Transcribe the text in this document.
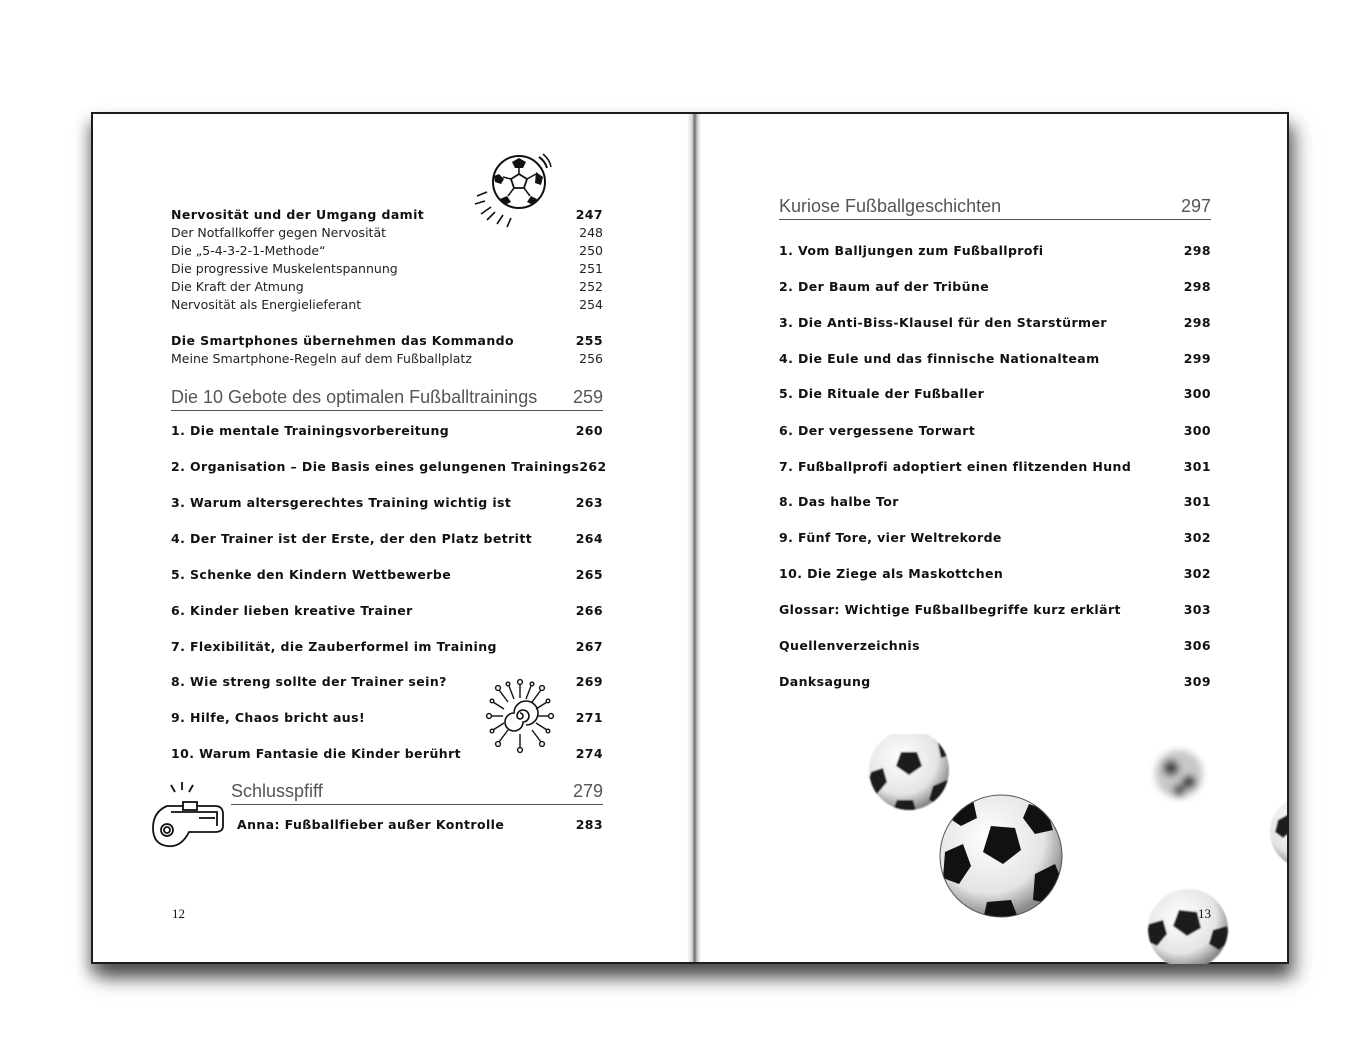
Nervosität und der Umgang damit	247
Der Notfallkoffer gegen Nervosität	248
Die „5-4-3-2-1-Methode“	250
Die progressive Muskelentspannung	251
Die Kraft der Atmung	252
Nervosität als Energielieferant	254
Die Smartphones übernehmen das Kommando	255
Meine Smartphone-Regeln auf dem Fußballplatz	256
Die 10 Gebote des optimalen Fußballtrainings 259
1. Die mentale Trainingsvorbereitung	260
2. Organisation – Die Basis eines gelungenen Trainings 262
3. Warum altersgerechtes Training wichtig ist	263
4. Der Trainer ist der Erste, der den Platz betritt	264
5. Schenke den Kindern Wettbewerbe	265
6. Kinder lieben kreative Trainer	266
7. Flexibilität, die Zauberformel im Training	267
8. Wie streng sollte der Trainer sein?	269
9. Hilfe, Chaos bricht aus!	271
10. Warum Fantasie die Kinder berührt	274
Schlusspfiff	279
Anna: Fußballfieber außer Kontrolle	283
12
Kuriose Fußballgeschichten	297
1. Vom Balljungen zum Fußballprofi	298
2. Der Baum auf der Tribüne	298
3. Die Anti-Biss-Klausel für den Starstürmer	298
4. Die Eule und das finnische Nationalteam	299
5. Die Rituale der Fußballer	300
6. Der vergessene Torwart	300
7. Fußballprofi adoptiert einen flitzenden Hund	301
8. Das halbe Tor	301
9. Fünf Tore, vier Weltrekorde	302
10. Die Ziege als Maskottchen	302
Glossar: Wichtige Fußballbegriffe kurz erklärt	303
Quellenverzeichnis	306
Danksagung	309
13
